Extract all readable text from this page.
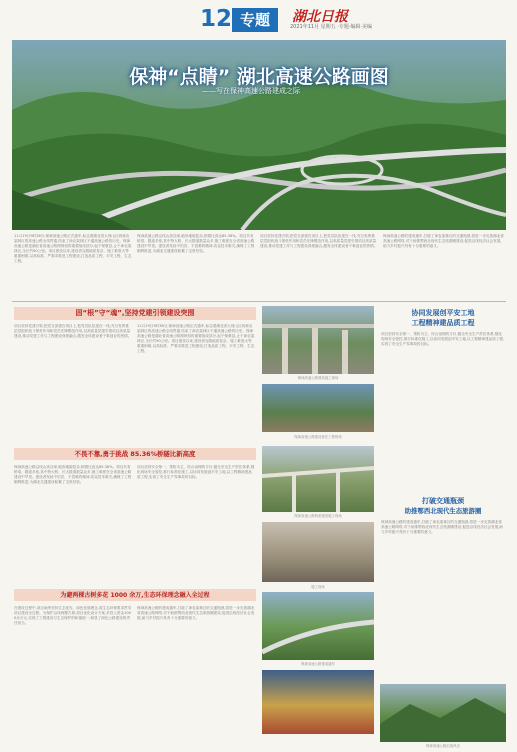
12 专题	湖北日报
2021年11月 星期五 ·专题·编辑·美编
保神“点睛” 湖北高速公路画图
——写在保神高速公路建成之际
11月19日9时38分,保神高速公路正式通车,标志着湖北省大别山区到神农架林区的高速公路全线贯通,结束了神农架林区不通高速公路的历史。保神高速公路是湖北省高速公路网规划的重要组成部分,起于保康县,止于神农架林区,全长约90公里。项目建设以来,建设者克服地质复杂、施工难度大等重重困难,以高标准、严要求推进工程建设,打造品质工程、平安工程、生态工程。
保神高速公路沿线山高谷深,地形地貌复杂,桥隧比高达85.36%。项目共有桥梁、隧道多座,其中特大桥、长大隧道数量众多,施工难度在全省高速公路建设中罕见。建设者发扬不怕苦、不畏难的精神,攻克技术难关,确保了工程顺利推进,为湖北交通建设积累了宝贵经验。
项目坚持党建引领,把党支部建在项目上,把党员队伍建在一线,充分发挥基层党组织战斗堡垒作用和党员先锋模范作用,以高质量党建引领项目高质量建设,推动党建工作与工程建设深度融合,激发全体建设者干事创业的热情。
保神高速公路的建成通车,打破了神农架林区的交通瓶颈,将进一步完善湖北省高速公路网络,对于助推鄂西北现代生态旅游圈建设,促进沿线经济社会发展,助力乡村振兴具有十分重要的意义。
固“根”守“魂”,坚持党建引领建设突围
项目坚持党建引领,把党支部建在项目上,把党员队伍建在一线,充分发挥基层党组织战斗堡垒作用和党员先锋模范作用,以高质量党建引领项目高质量建设,推动党建工作与工程建设深度融合,激发全体建设者干事创业的热情。
11月19日9时38分,保神高速公路正式通车,标志着湖北省大别山区到神农架林区的高速公路全线贯通,结束了神农架林区不通高速公路的历史。保神高速公路是湖北省高速公路网规划的重要组成部分,起于保康县,止于神农架林区,全长约90公里。项目建设以来,建设者克服地质复杂、施工难度大等重重困难,以高标准、严要求推进工程建设,打造品质工程、平安工程、生态工程。
不畏不靠,勇于挑战 85.36%桥隧比新高度
保神高速公路沿线山高谷深,地形地貌复杂,桥隧比高达85.36%。项目共有桥梁、隧道多座,其中特大桥、长大隧道数量众多,施工难度在全省高速公路建设中罕见。建设者发扬不怕苦、不畏难的精神,攻克技术难关,确保了工程顺利推进,为湖北交通建设积累了宝贵经验。
项目坚持安全第一、预防为主、综合治理的方针,健全安全生产责任体系,强化现场安全管控,推行标准化施工,以协同发展创平安工地,以工程精神建品质工程,实现了安全生产零事故的目标。
为避两棵古树多花 1000 余万,生态环保理念融入全过程
在建设过程中,项目始终坚持生态优先、绿色发展理念,将生态环保要求贯穿项目建设全过程。为保护沿线两棵古树,项目优化设计方案,多投入资金1000余万元,实现了工程建设与生态保护的和谐统一,彰显了绿色公路建设的责任担当。
保神高速公路的建成通车,打破了神农架林区的交通瓶颈,将进一步完善湖北省高速公路网络,对于助推鄂西北现代生态旅游圈建设,促进沿线经济社会发展,助力乡村振兴具有十分重要的意义。
保神高速公路建设施工现场
保神高速公路建设者在工程现场
保神高速公路桥梁建设施工现场
施工现场
保神高速公路建成通车
协同发展创平安工地
工程精神建品质工程
项目坚持安全第一、预防为主、综合治理的方针,健全安全生产责任体系,强化现场安全管控,推行标准化施工,以协同发展创平安工地,以工程精神建品质工程,实现了安全生产零事故的目标。
打破交通瓶颈
助推鄂西北现代生态旅游圈
保神高速公路的建成通车,打破了神农架林区的交通瓶颈,将进一步完善湖北省高速公路网络,对于助推鄂西北现代生态旅游圈建设,促进沿线经济社会发展,助力乡村振兴具有十分重要的意义。
保神高速公路沿线风光
